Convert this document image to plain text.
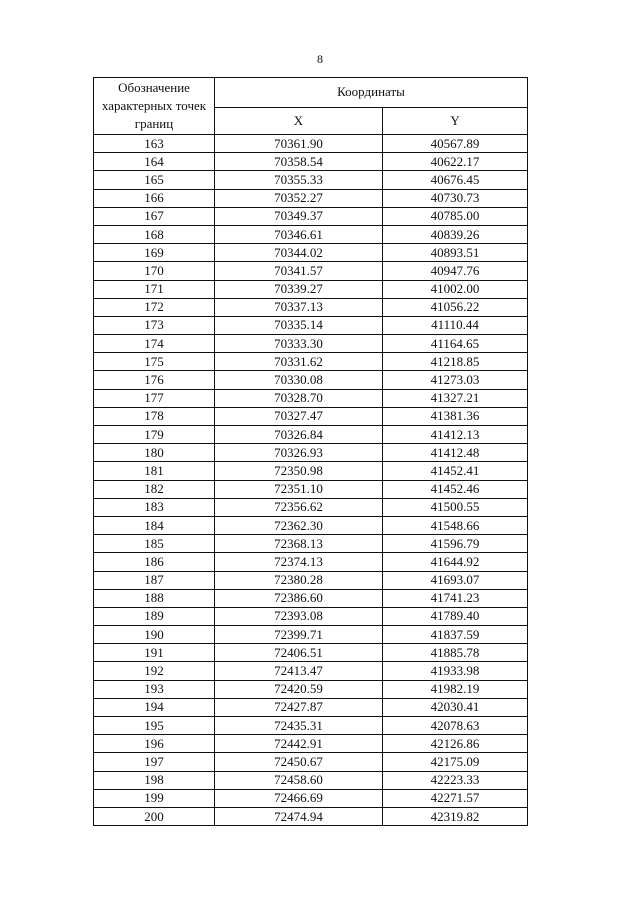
8
Обозначение характерных точек границ	Координаты	
	X	Y
163	70361.90	40567.89
164	70358.54	40622.17
165	70355.33	40676.45
166	70352.27	40730.73
167	70349.37	40785.00
168	70346.61	40839.26
169	70344.02	40893.51
170	70341.57	40947.76
171	70339.27	41002.00
172	70337.13	41056.22
173	70335.14	41110.44
174	70333.30	41164.65
175	70331.62	41218.85
176	70330.08	41273.03
177	70328.70	41327.21
178	70327.47	41381.36
179	70326.84	41412.13
180	70326.93	41412.48
181	72350.98	41452.41
182	72351.10	41452.46
183	72356.62	41500.55
184	72362.30	41548.66
185	72368.13	41596.79
186	72374.13	41644.92
187	72380.28	41693.07
188	72386.60	41741.23
189	72393.08	41789.40
190	72399.71	41837.59
191	72406.51	41885.78
192	72413.47	41933.98
193	72420.59	41982.19
194	72427.87	42030.41
195	72435.31	42078.63
196	72442.91	42126.86
197	72450.67	42175.09
198	72458.60	42223.33
199	72466.69	42271.57
200	72474.94	42319.82
